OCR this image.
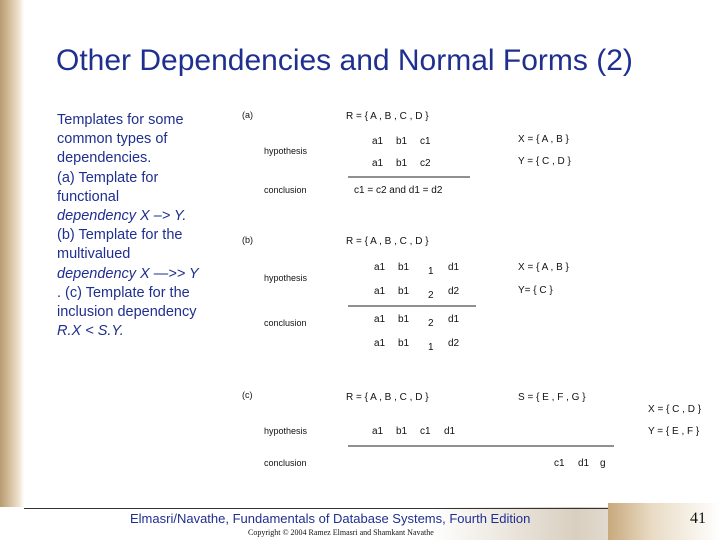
Other Dependencies and Normal Forms (2)
Templates for some
common types of
dependencies.
(a) Template for
functional
dependency X –> Y.
(b) Template for the
multivalued
dependency X —>> Y
. (c) Template for the
inclusion dependency
R.X < S.Y.
(a)	R = { A , B , C , D }
hypothesis
a1 b1 c1
a1 b1 c2
conclusion	c1 = c2 and d1 = d2
X = { A , B }
Y = { C , D }
(b)	R = { A , B , C , D }
hypothesis
a1 b1 1 d1
a1 b1 2 d2
conclusion	a1 b1 2 d1
a1 b1 1 d2
X = { A , B }
Y= { C }
(c)	R = { A , B , C , D }	S = { E , F , G }
hypothesis	a1 b1 c1 d1
conclusion	c1 d1 g
X = { C , D }
Y = { E , F }
Elmasri/Navathe, Fundamentals of Database Systems, Fourth Edition
Copyright © 2004 Ramez Elmasri and Shamkant Navathe
41
